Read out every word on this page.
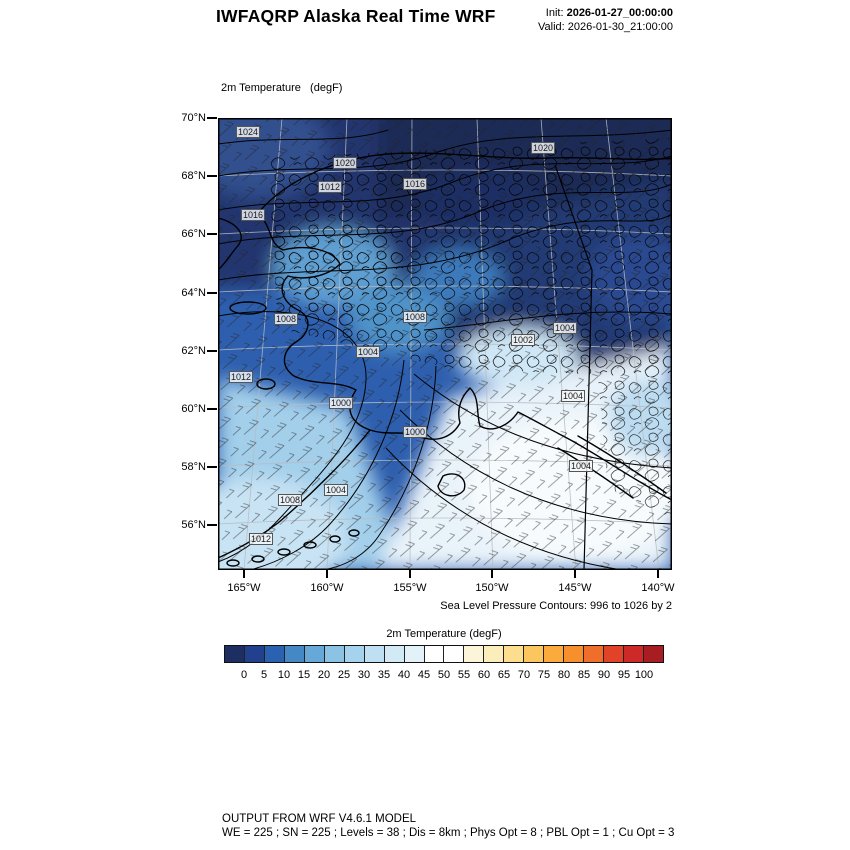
IWFAQRP Alaska Real Time WRF	Init: 2026-01-27_00:00:00
Valid: 2026-01-30_21:00:00

2m Temperature   (degF)

70°N
68°N
66°N
64°N
62°N
60°N
58°N
56°N
165°W	160°W	155°W	150°W	145°W	140°W
1024
1020
1020
1016
1012
1016
1008	1008
1004
1002
1004
1012
1000
1004
1000
1004
1004
1008
1012
Sea Level Pressure Contours: 996 to 1026 by 2
2m Temperature (degF)
0	5 10 15 20 25 30 35 40 45 50 55 60 65 70 75 80 85 90 95 100
OUTPUT FROM WRF V4.6.1 MODEL
WE = 225 ; SN = 225 ; Levels = 38 ; Dis = 8km ; Phys Opt = 8 ; PBL Opt = 1 ; Cu Opt = 3
